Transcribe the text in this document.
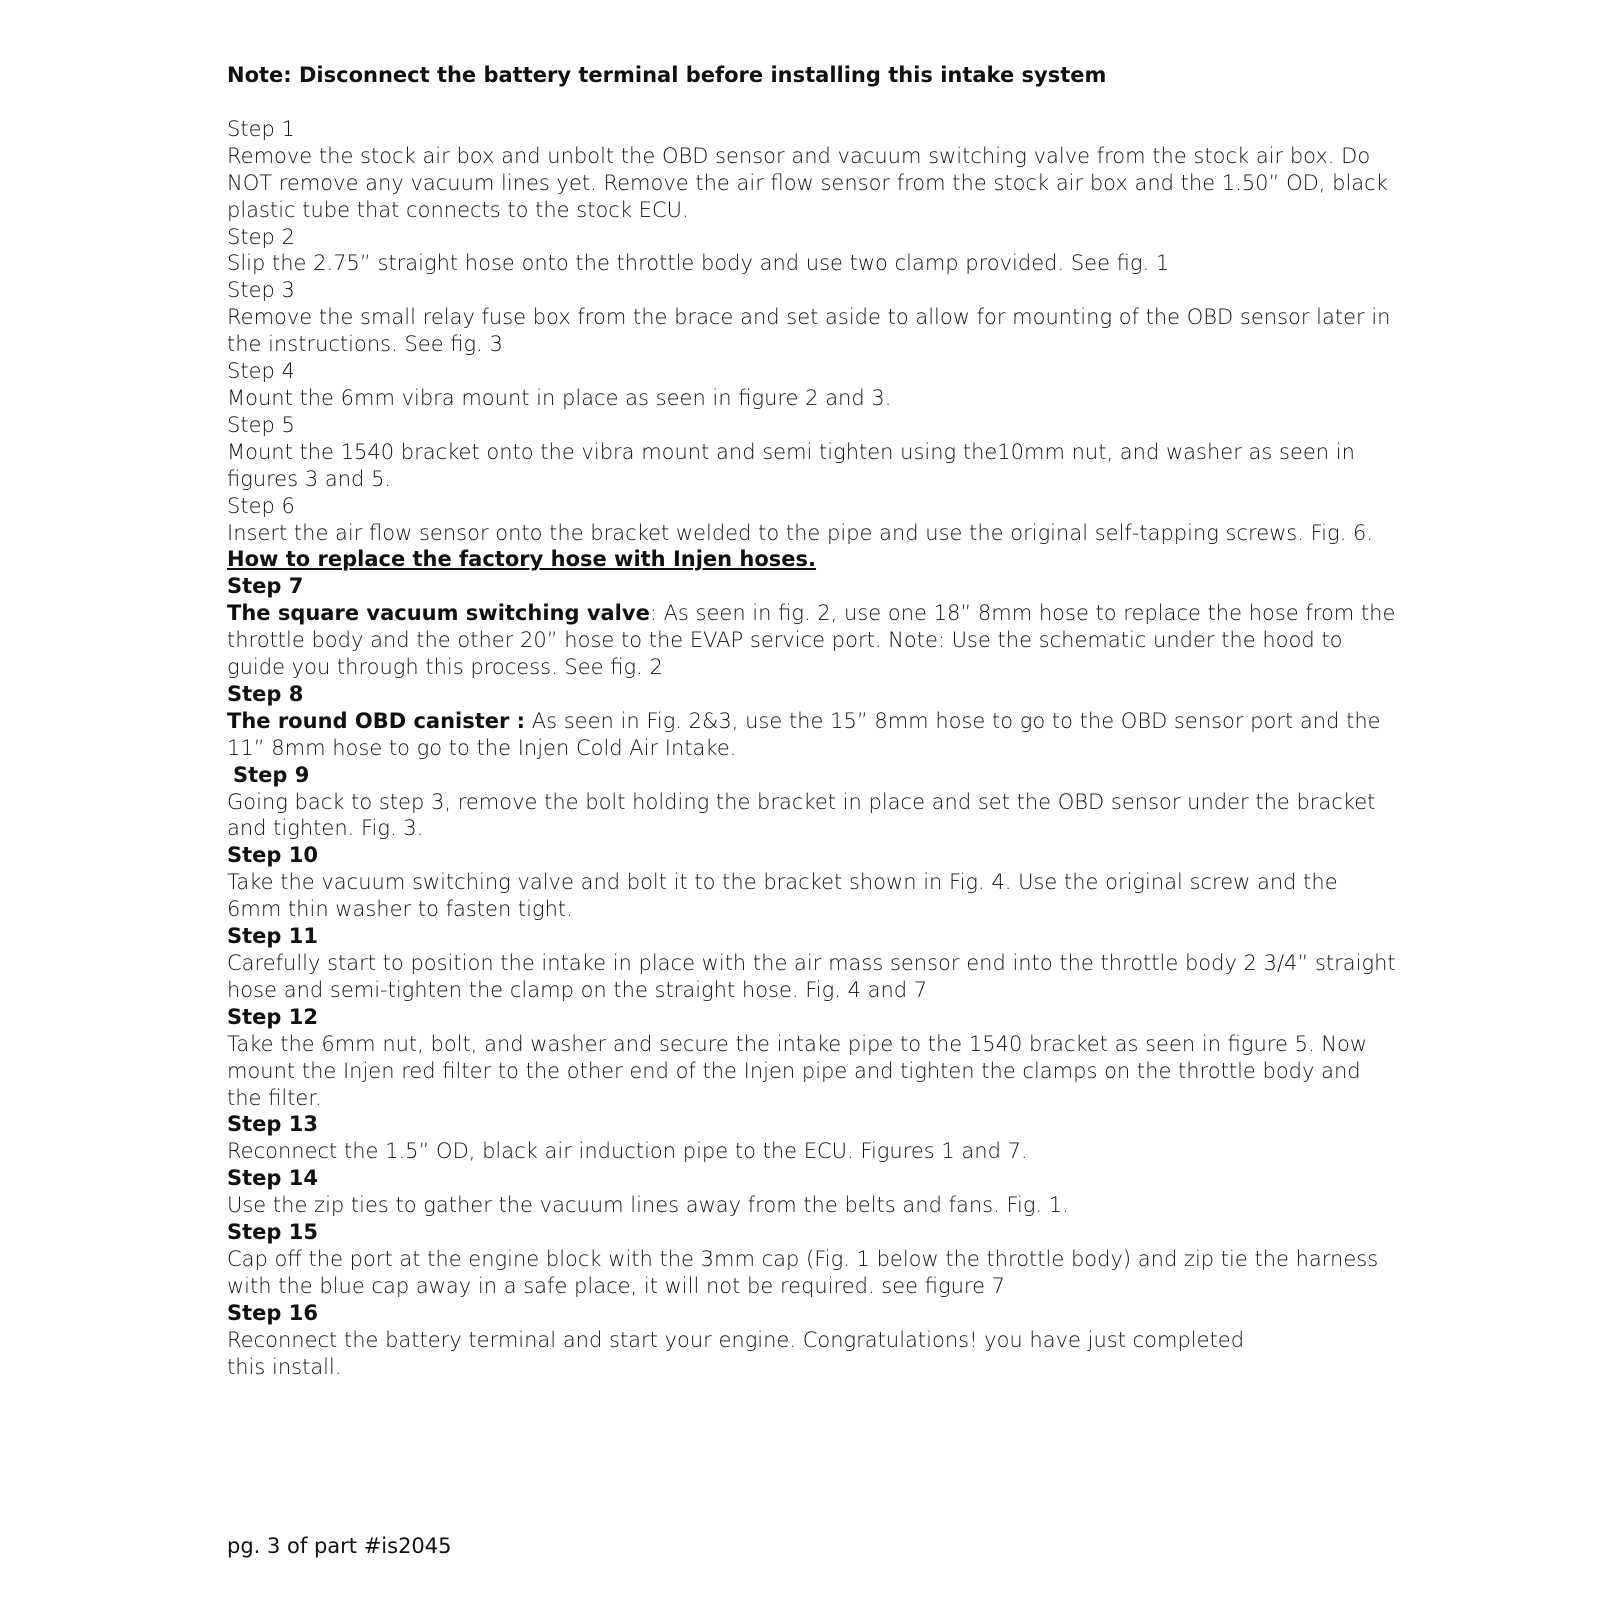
Note: Disconnect the battery terminal before installing this intake system
Step 1
Remove the stock air box and unbolt the OBD sensor and vacuum switching valve from the stock air box. Do NOT remove any vacuum lines yet. Remove the air flow sensor from the stock air box and the 1.50” OD, black plastic tube that connects to the stock ECU.
Step 2
Slip the 2.75” straight hose onto the throttle body and use two clamp provided. See fig. 1
Step 3
Remove the small relay fuse box from the brace and set aside to allow for mounting of the OBD sensor later in the instructions. See fig. 3
Step 4
Mount the 6mm vibra mount in place as seen in figure 2 and 3.
Step 5
Mount the 1540 bracket onto the vibra mount and semi tighten using the10mm nut, and washer as seen in figures 3 and 5.
Step 6
Insert the air flow sensor onto the bracket welded to the pipe and use the original self-tapping screws. Fig. 6.
How to replace the factory hose with Injen hoses.
Step 7
The square vacuum switching valve: As seen in fig. 2, use one 18” 8mm hose to replace the hose from the throttle body and the other 20” hose to the EVAP service port. Note: Use the schematic under the hood to guide you through this process. See fig. 2
Step 8
The round OBD canister : As seen in Fig. 2&3, use the 15” 8mm hose to go to the OBD sensor port and the 11” 8mm hose to go to the Injen Cold Air Intake.
Step 9
Going back to step 3, remove the bolt holding the bracket in place and set the OBD sensor under the bracket and tighten. Fig. 3.
Step 10
Take the vacuum switching valve and bolt it to the bracket shown in Fig. 4. Use the original screw and the 6mm thin washer to fasten tight.
Step 11
Carefully start to position the intake in place with the air mass sensor end into the throttle body 2 3/4” straight hose and semi-tighten the clamp on the straight hose. Fig. 4 and 7
Step 12
Take the 6mm nut, bolt, and washer and secure the intake pipe to the 1540 bracket as seen in figure 5. Now mount the Injen red filter to the other end of the Injen pipe and tighten the clamps on the throttle body and the filter.
Step 13
Reconnect the 1.5” OD, black air induction pipe to the ECU. Figures 1 and 7.
Step 14
Use the zip ties to gather the vacuum lines away from the belts and fans. Fig. 1.
Step 15
Cap off the port at the engine block with the 3mm cap (Fig. 1 below the throttle body) and zip tie the harness with the blue cap away in a safe place, it will not be required. see figure 7
Step 16
Reconnect the battery terminal and start your engine. Congratulations! you have just completed
this install.
pg. 3 of part #is2045
